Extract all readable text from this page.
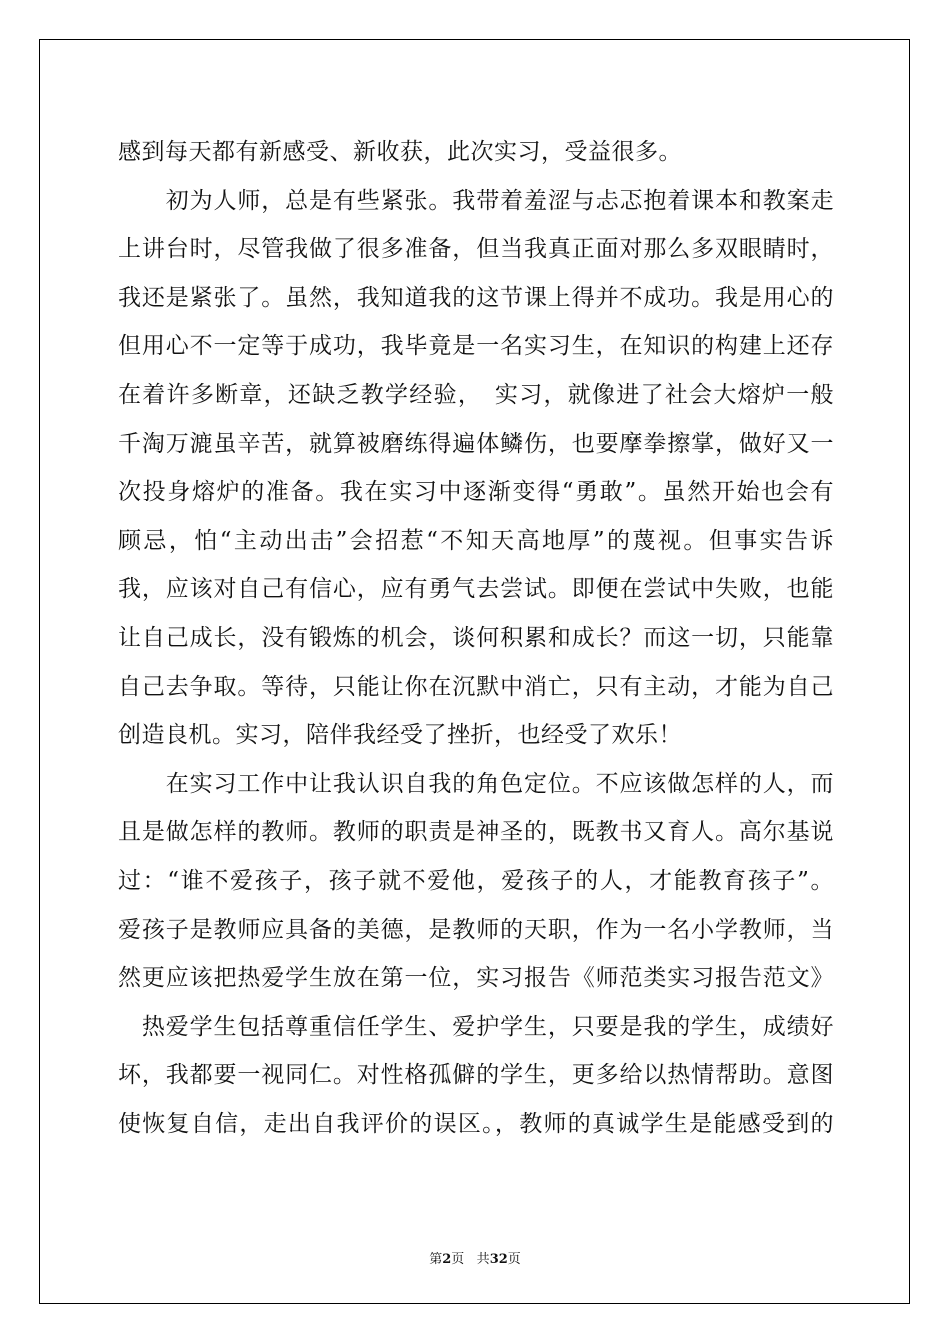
感到每天都有新感受、新收获，此次实习，受益很多。
　　初为人师，总是有些紧张。我带着羞涩与忐忑抱着课本和教案走
上讲台时，尽管我做了很多准备，但当我真正面对那么多双眼睛时，
我还是紧张了。虽然，我知道我的这节课上得并不成功。我是用心的
但用心不一定等于成功，我毕竟是一名实习生，在知识的构建上还存
在着许多断章，还缺乏教学经验，　实习，就像进了社会大熔炉一般
千淘万漉虽辛苦，就算被磨练得遍体鳞伤，也要摩拳擦掌，做好又一
次投身熔炉的准备。我在实习中逐渐变得“勇敢”。虽然开始也会有
顾忌，怕“主动出击”会招惹“不知天高地厚”的蔑视。但事实告诉
我，应该对自己有信心，应有勇气去尝试。即便在尝试中失败，也能
让自己成长，没有锻炼的机会，谈何积累和成长？而这一切，只能靠
自己去争取。等待，只能让你在沉默中消亡，只有主动，才能为自己
创造良机。实习，陪伴我经受了挫折，也经受了欢乐！
　　在实习工作中让我认识自我的角色定位。不应该做怎样的人，而
且是做怎样的教师。教师的职责是神圣的，既教书又育人。高尔基说
过：“谁不爱孩子，孩子就不爱他，爱孩子的人，才能教育孩子”。
爱孩子是教师应具备的美德，是教师的天职，作为一名小学教师，当
然更应该把热爱学生放在第一位，实习报告《师范类实习报告范文》
　热爱学生包括尊重信任学生、爱护学生，只要是我的学生，成绩好
坏，我都要一视同仁。对性格孤僻的学生，更多给以热情帮助。意图
使恢复自信，走出自我评价的误区。，教师的真诚学生是能感受到的
第2页 共32页
